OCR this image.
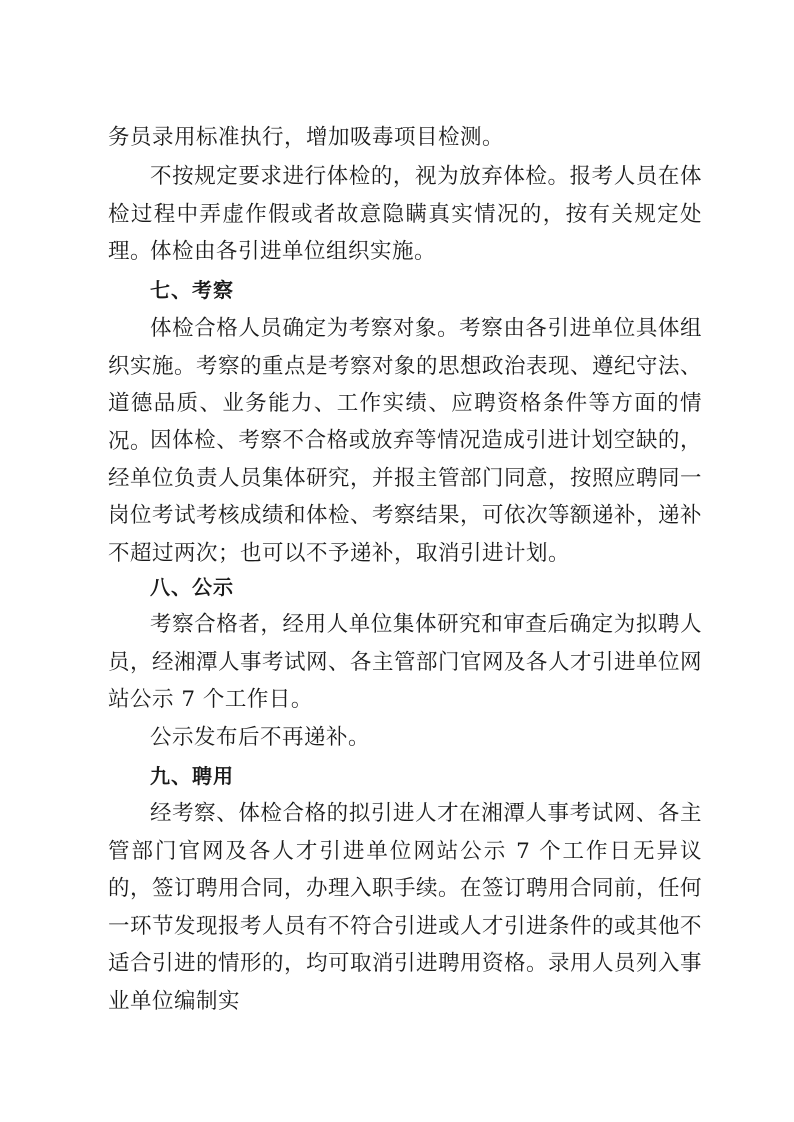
务员录用标准执行，增加吸毒项目检测。

不按规定要求进行体检的，视为放弃体检。报考人员在体检过程中弄虚作假或者故意隐瞒真实情况的，按有关规定处理。

体检由各引进单位组织实施。

七、考察

体检合格人员确定为考察对象。考察由各引进单位具体组织实施。考察的重点是考察对象的思想政治表现、遵纪守法、道德品质、业务能力、工作实绩、应聘资格条件等方面的情况。

因体检、考察不合格或放弃等情况造成引进计划空缺的，经单位负责人员集体研究，并报主管部门同意，按照应聘同一岗位考试考核成绩和体检、考察结果，可依次等额递补，递补不超过两次；也可以不予递补，取消引进计划。

八、公示

考察合格者，经用人单位集体研究和审查后确定为拟聘人员，经湘潭人事考试网、各主管部门官网及各人才引进单位网站公示 7 个工作日。

公示发布后不再递补。

九、聘用

经考察、体检合格的拟引进人才在湘潭人事考试网、各主管部门官网及各人才引进单位网站公示 7 个工作日无异议的，签订聘用合同，办理入职手续。在签订聘用合同前，任何一环节发现报考人员有不符合引进或人才引进条件的或其他不适合引进的情形的，均可取消引进聘用资格。录用人员列入事业单位编制实
